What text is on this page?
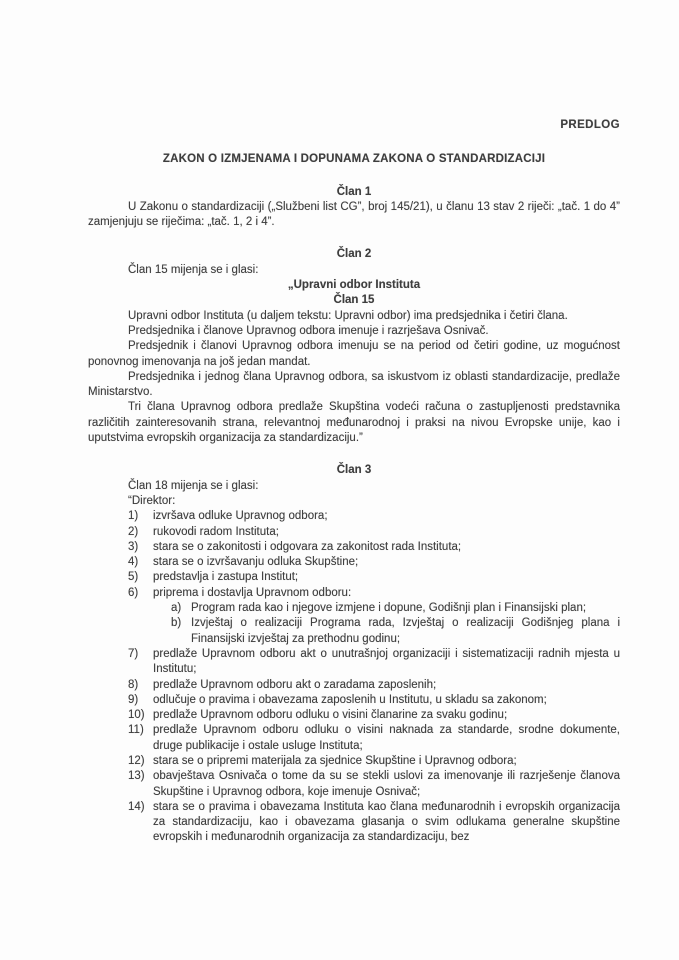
PREDLOG
ZAKON O IZMJENAMA I DOPUNAMA ZAKONA O STANDARDIZACIJI
Član 1

U Zakonu o standardizaciji („Službeni list CG”, broj 145/21), u članu 13 stav 2 riječi: „tač. 1 do 4” zamjenjuju se riječima: „tač. 1, 2 i 4”.

Član 2

Član 15 mijenja se i glasi:

„Upravni odbor Instituta
Član 15

Upravni odbor Instituta (u daljem tekstu: Upravni odbor) ima predsjednika i četiri člana.

Predsjednika i članove Upravnog odbora imenuje i razrješava Osnivač.

Predsjednik i članovi Upravnog odbora imenuju se na period od četiri godine, uz mogućnost ponovnog imenovanja na još jedan mandat.

Predsjednika i jednog člana Upravnog odbora, sa iskustvom iz oblasti standardizacije, predlaže Ministarstvo.

Tri člana Upravnog odbora predlaže Skupština vodeći računa o zastupljenosti predstavnika različitih zainteresovanih strana, relevantnoj međunarodnoj i praksi na nivou Evropske unije, kao i uputstvima evropskih organizacija za standardizaciju.”

Član 3

Član 18 mijenja se i glasi:

“Direktor:

1)	izvršava odluke Upravnog odbora;
2)	rukovodi radom Instituta;
3)	stara se o zakonitosti i odgovara za zakonitost rada Instituta;
4)	stara se o izvršavanju odluka Skupštine;
5)	predstavlja i zastupa Institut;
6)	priprema i dostavlja Upravnom odboru:
a) Program rada kao i njegove izmjene i dopune, Godišnji plan i Finansijski plan;
b) Izvještaj o realizaciji Programa rada, Izvještaj o realizaciji Godišnjeg plana i Finansijski izvještaj za prethodnu godinu;
7)	predlaže Upravnom odboru akt o unutrašnjoj organizaciji i sistematizaciji radnih mjesta u Institutu;
8)	predlaže Upravnom odboru akt o zaradama zaposlenih;
9)	odlučuje o pravima i obavezama zaposlenih u Institutu, u skladu sa zakonom;
10) predlaže Upravnom odboru odluku o visini članarine za svaku godinu;
11) predlaže Upravnom odboru odluku o visini naknada za standarde, srodne dokumente, druge publikacije i ostale usluge Instituta;
12) stara se o pripremi materijala za sjednice Skupštine i Upravnog odbora;
13) obavještava Osnivača o tome da su se stekli uslovi za imenovanje ili razrješenje članova Skupštine i Upravnog odbora, koje imenuje Osnivač;
14) stara se o pravima i obavezama Instituta kao člana međunarodnih i evropskih organizacija za standardizaciju, kao i obavezama glasanja o svim odlukama generalne skupštine evropskih i međunarodnih organizacija za standardizaciju, bez
